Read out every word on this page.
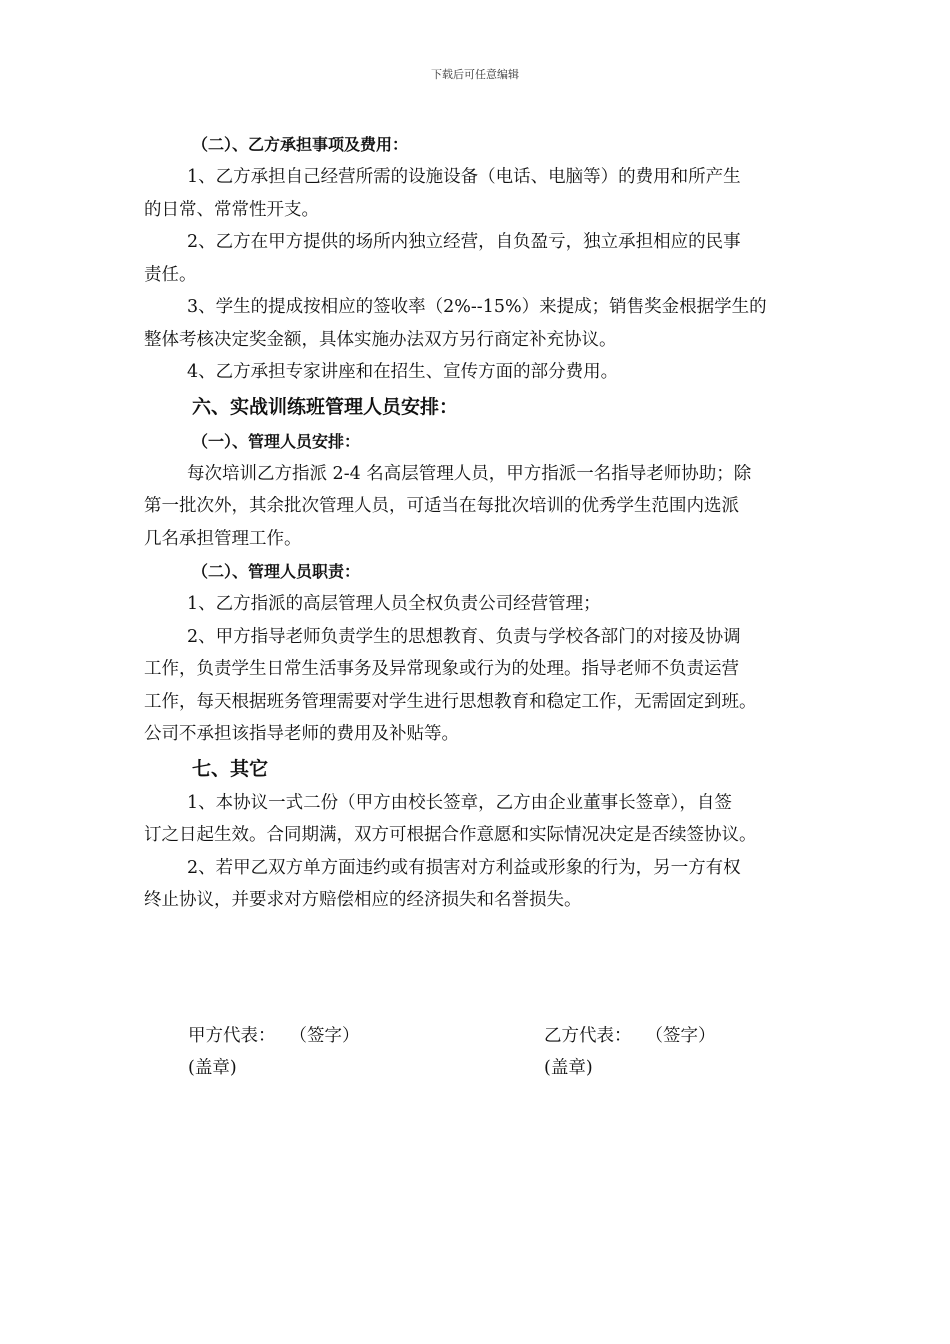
下载后可任意编辑
（二）、乙方承担事项及费用：
1、乙方承担自己经营所需的设施设备（电话、电脑等）的费用和所产生
的日常、常常性开支。
2、乙方在甲方提供的场所内独立经营，自负盈亏，独立承担相应的民事
责任。
3、学生的提成按相应的签收率（2%--15%）来提成；销售奖金根据学生的
整体考核决定奖金额，具体实施办法双方另行商定补充协议。
4、乙方承担专家讲座和在招生、宣传方面的部分费用。
六、实战训练班管理人员安排：
（一）、管理人员安排：
每次培训乙方指派 2-4 名高层管理人员，甲方指派一名指导老师协助；除
第一批次外，其余批次管理人员，可适当在每批次培训的优秀学生范围内选派
几名承担管理工作。
（二）、管理人员职责：
1、乙方指派的高层管理人员全权负责公司经营管理；
2、甲方指导老师负责学生的思想教育、负责与学校各部门的对接及协调
工作，负责学生日常生活事务及异常现象或行为的处理。指导老师不负责运营
工作，每天根据班务管理需要对学生进行思想教育和稳定工作，无需固定到班。
公司不承担该指导老师的费用及补贴等。
七、其它
1、本协议一式二份（甲方由校长签章，乙方由企业董事长签章），自签
订之日起生效。合同期满，双方可根据合作意愿和实际情况决定是否续签协议。
2、若甲乙双方单方面违约或有损害对方利益或形象的行为，另一方有权
终止协议，并要求对方赔偿相应的经济损失和名誉损失。
甲方代表： （签字）
(盖章)
乙方代表： （签字）
(盖章)
